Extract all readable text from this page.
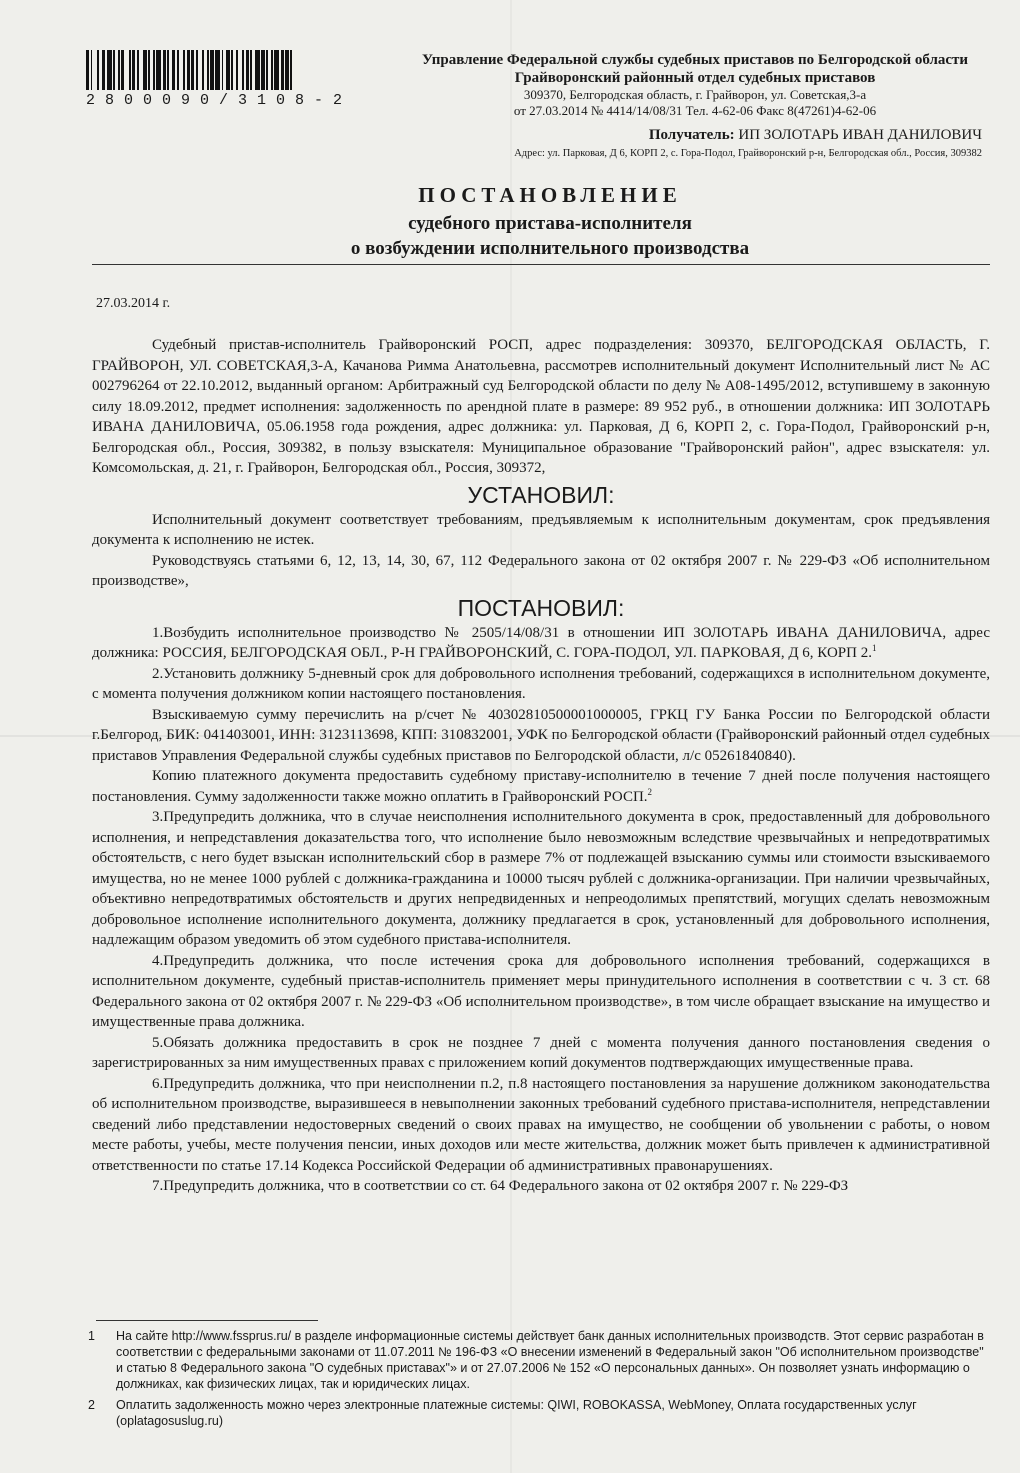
2800090/3108-2
Управление Федеральной службы судебных приставов по Белгородской области
Грайворонский районный отдел судебных приставов
309370, Белгородская область, г. Грайворон, ул. Советская,3-а
от 27.03.2014 № 4414/14/08/31 Тел. 4-62-06 Факс 8(47261)4-62-06
Получатель: ИП ЗОЛОТАРЬ ИВАН ДАНИЛОВИЧ
Адрес: ул. Парковая, Д 6, КОРП 2, с. Гора-Подол, Грайворонский р-н, Белгородская обл., Россия, 309382
ПОСТАНОВЛЕНИЕ
судебного пристава-исполнителя
о возбуждении исполнительного производства
27.03.2014 г.

Судебный пристав-исполнитель Грайворонский РОСП, адрес подразделения: 309370, БЕЛГОРОДСКАЯ ОБЛАСТЬ, Г. ГРАЙВОРОН, УЛ. СОВЕТСКАЯ,3-А, Качанова Римма Анатольевна, рассмотрев исполнительный документ Исполнительный лист № АС 002796264 от 22.10.2012, выданный органом: Арбитражный суд Белгородской области по делу № А08-1495/2012, вступившему в законную силу 18.09.2012, предмет исполнения: задолженность по арендной плате в размере: 89 952 руб., в отношении должника: ИП ЗОЛОТАРЬ ИВАНА ДАНИЛОВИЧА, 05.06.1958 года рождения, адрес должника: ул. Парковая, Д 6, КОРП 2, с. Гора-Подол, Грайворонский р-н, Белгородская обл., Россия, 309382, в пользу взыскателя: Муниципальное образование "Грайворонский район", адрес взыскателя: ул. Комсомольская, д. 21, г. Грайворон, Белгородская обл., Россия, 309372,

УСТАНОВИЛ:

Исполнительный документ соответствует требованиям, предъявляемым к исполнительным документам, срок предъявления документа к исполнению не истек.

Руководствуясь статьями 6, 12, 13, 14, 30, 67, 112 Федерального закона от 02 октября 2007 г. № 229-ФЗ «Об исполнительном производстве»,

ПОСТАНОВИЛ:

1.Возбудить исполнительное производство № 2505/14/08/31 в отношении ИП ЗОЛОТАРЬ ИВАНА ДАНИЛОВИЧА, адрес должника: РОССИЯ, БЕЛГОРОДСКАЯ ОБЛ., Р-Н ГРАЙВОРОНСКИЙ, С. ГОРА-ПОДОЛ, УЛ. ПАРКОВАЯ, Д 6, КОРП 2.$^1$

2.Установить должнику 5-дневный срок для добровольного исполнения требований, содержащихся в исполнительном документе, с момента получения должником копии настоящего постановления.

Взыскиваемую сумму перечислить на р/счет № 40302810500001000005, ГРКЦ ГУ Банка России по Белгородской области г.Белгород, БИК: 041403001, ИНН: 3123113698, КПП: 310832001, УФК по Белгородской области (Грайворонский районный отдел судебных приставов Управления Федеральной службы судебных приставов по Белгородской области, л/с 05261840840).

Копию платежного документа предоставить судебному приставу-исполнителю в течение 7 дней после получения настоящего постановления. Сумму задолженности также можно оплатить в Грайворонский РОСП.$^2$

3.Предупредить должника, что в случае неисполнения исполнительного документа в срок, предоставленный для добровольного исполнения, и непредставления доказательства того, что исполнение было невозможным вследствие чрезвычайных и непредотвратимых обстоятельств, с него будет взыскан исполнительский сбор в размере 7% от подлежащей взысканию суммы или стоимости взыскиваемого имущества, но не менее 1000 рублей с должника-гражданина и 10000 тысяч рублей с должника-организации. При наличии чрезвычайных, объективно непредотвратимых обстоятельств и других непредвиденных и непреодолимых препятствий, могущих сделать невозможным добровольное исполнение исполнительного документа, должнику предлагается в срок, установленный для добровольного исполнения, надлежащим образом уведомить об этом судебного пристава-исполнителя.

4.Предупредить должника, что после истечения срока для добровольного исполнения требований, содержащихся в исполнительном документе, судебный пристав-исполнитель применяет меры принудительного исполнения в соответствии с ч. 3 ст. 68 Федерального закона от 02 октября 2007 г. № 229-ФЗ «Об исполнительном производстве», в том числе обращает взыскание на имущество и имущественные права должника.

5.Обязать должника предоставить в срок не позднее 7 дней с момента получения данного постановления сведения о зарегистрированных за ним имущественных правах с приложением копий документов подтверждающих имущественные права.

6.Предупредить должника, что при неисполнении п.2, п.8 настоящего постановления за нарушение должником законодательства об исполнительном производстве, выразившееся в невыполнении законных требований судебного пристава-исполнителя, непредставлении сведений либо представлении недостоверных сведений о своих правах на имущество, не сообщении об увольнении с работы, о новом месте работы, учебы, месте получения пенсии, иных доходов или месте жительства, должник может быть привлечен к административной ответственности по статье 17.14 Кодекса Российской Федерации об административных правонарушениях.

7.Предупредить должника, что в соответствии со ст. 64 Федерального закона от 02 октября 2007 г. № 229-ФЗ

1 На сайте http://www.fssprus.ru/ в разделе информационные системы действует банк данных исполнительных производств. Этот сервис разработан в соответствии с федеральными законами от 11.07.2011 № 196-ФЗ «О внесении изменений в Федеральный закон "Об исполнительном производстве" и статью 8 Федерального закона "О судебных приставах"» и от 27.07.2006 № 152 «О персональных данных». Он позволяет узнать информацию о должниках, как физических лицах, так и юридических лицах.
2 Оплатить задолженность можно через электронные платежные системы: QIWI, ROBOKASSA, WebMoney, Оплата государственных услуг (oplatagosuslug.ru)
